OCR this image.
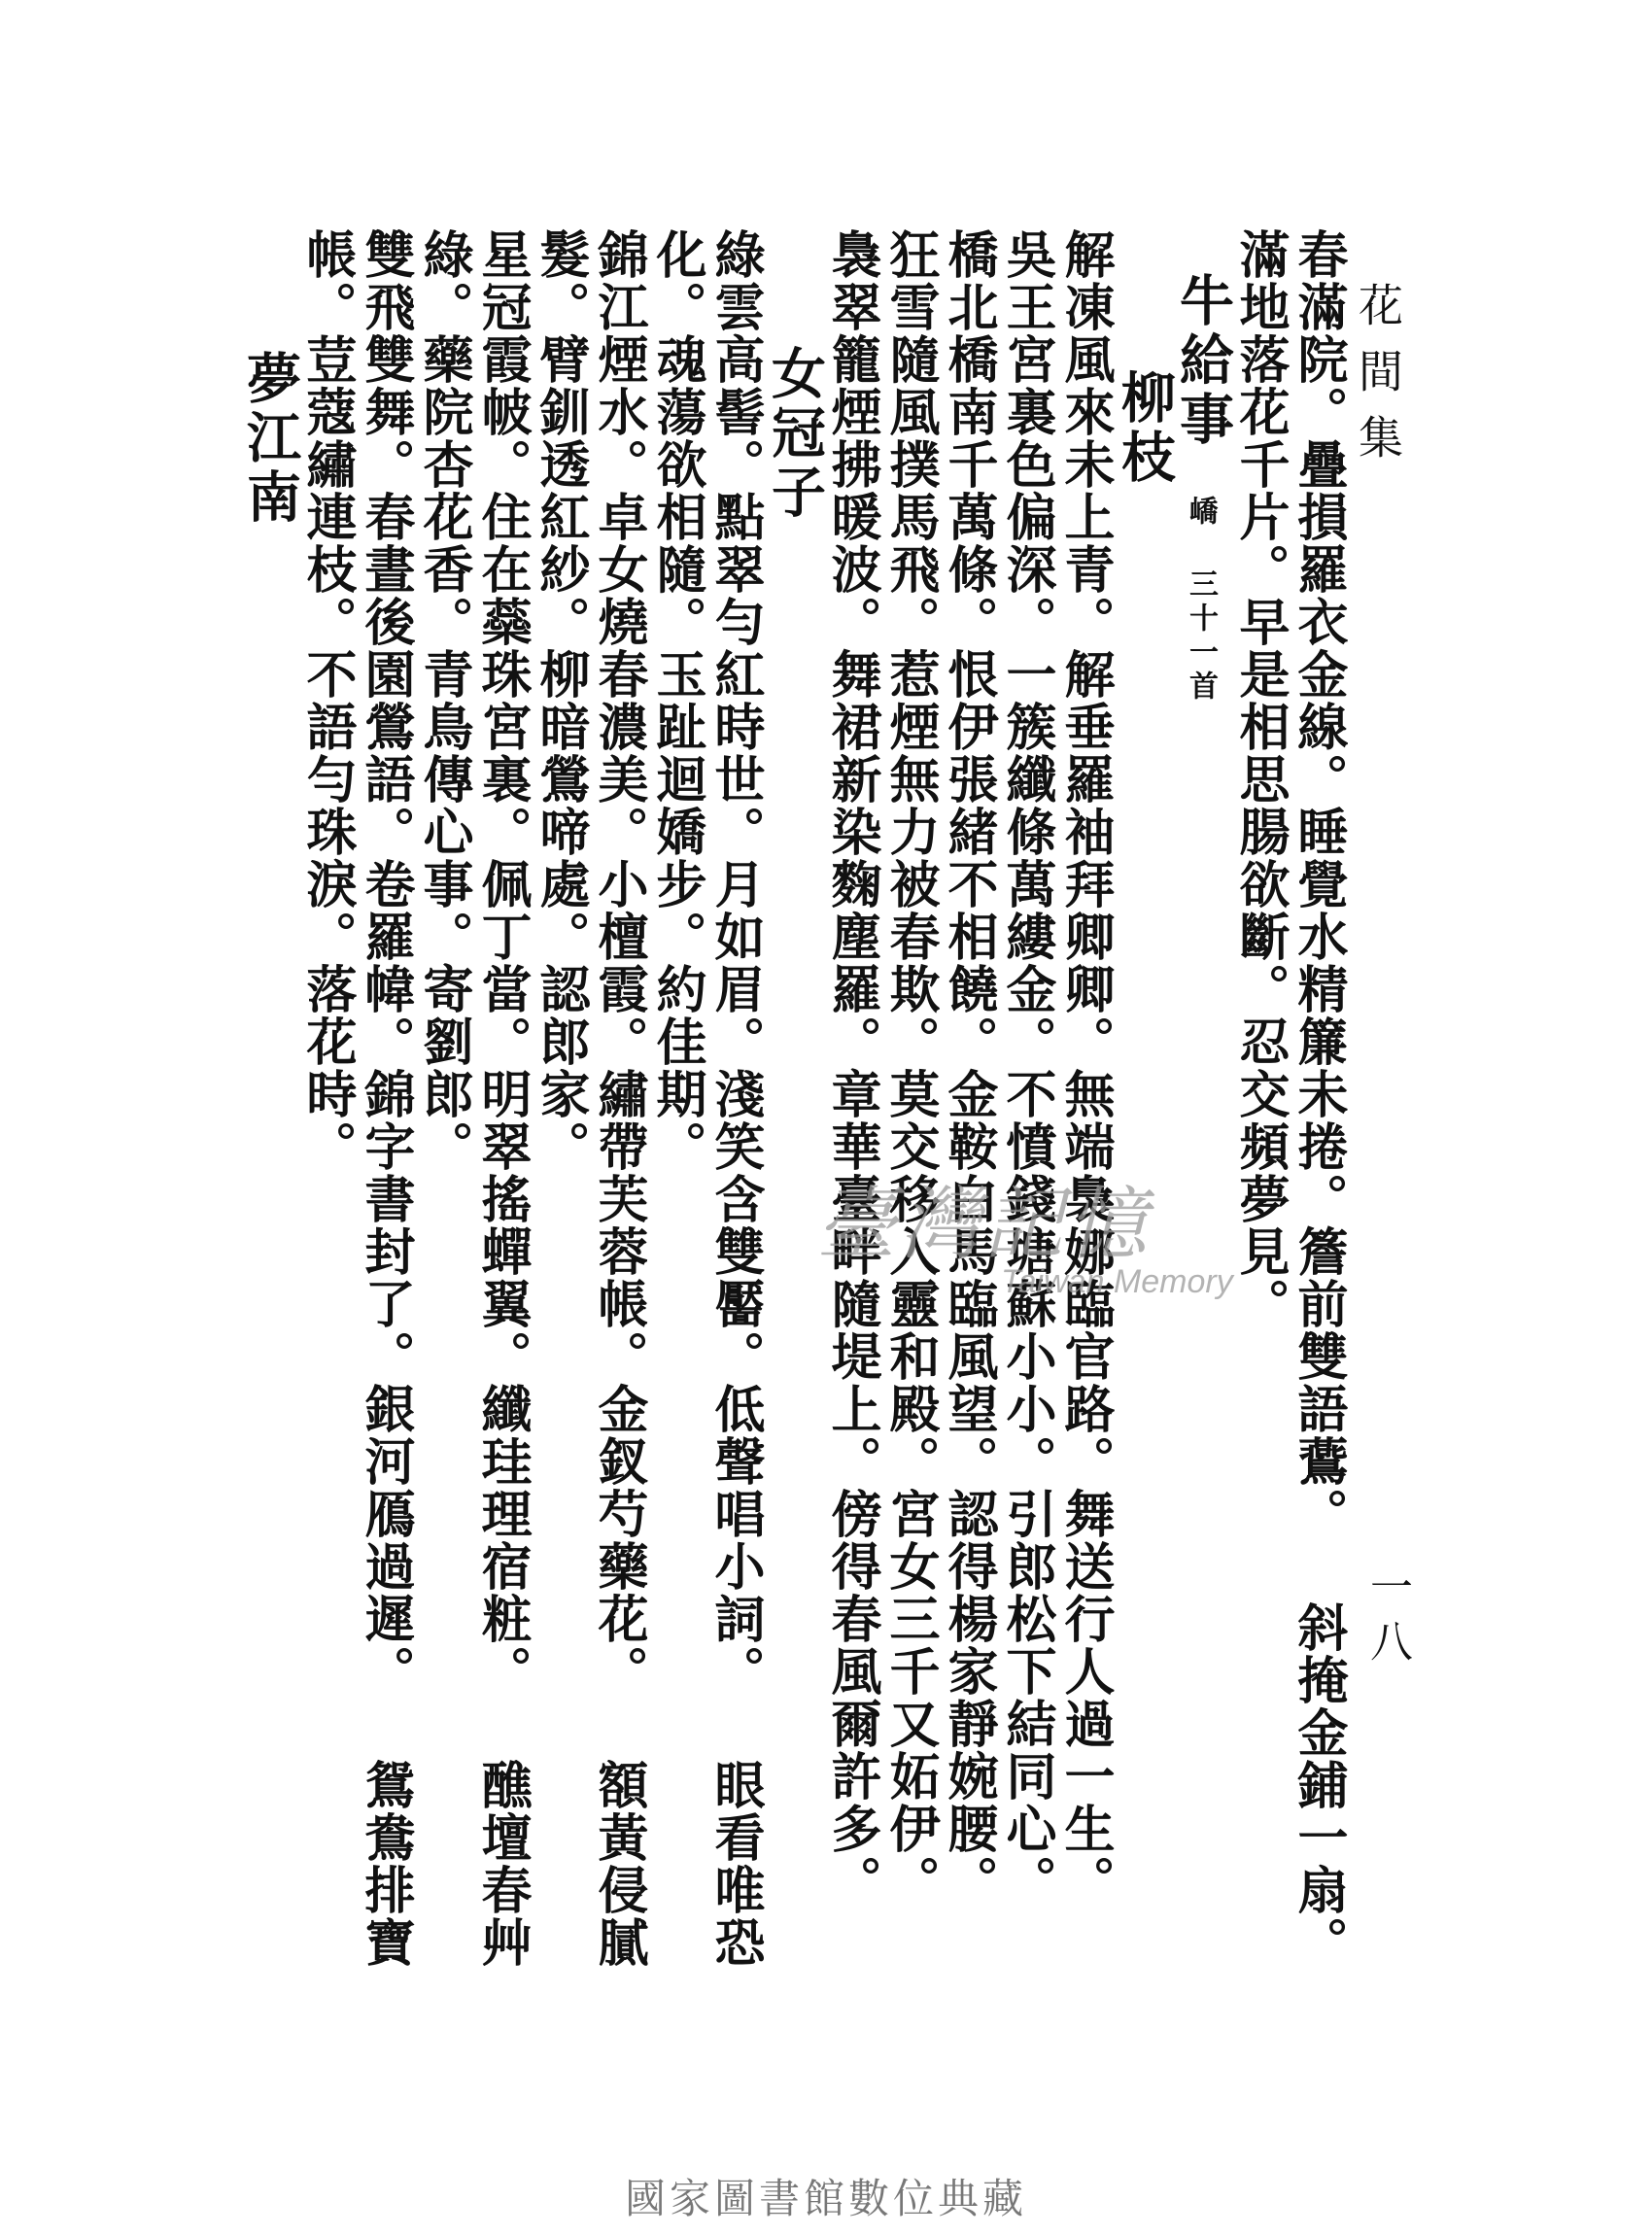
花間集
一八
春滿院。疊損羅衣金線。睡覺水精簾未捲。簷前雙語鷰。 斜掩金鋪一扇。
滿地落花千片。早是相思腸欲斷。忍交頻夢見。
牛給事
嶠 三十一首
柳枝
解凍風來未上青。解垂羅袖拜卿卿。無端裊娜臨官路。舞送行人過一生。
吳王宮裏色偏深。一簇纖條萬縷金。不憤錢塘蘇小小。引郎松下結同心。
橋北橋南千萬條。恨伊張緒不相饒。金鞍白馬臨風望。認得楊家靜婉腰。
狂雪隨風撲馬飛。惹煙無力被春欺。莫交移入靈和殿。宮女三千又妬伊。
裊翠籠煙拂暖波。舞裙新染麴塵羅。章華臺畔隨堤上。傍得春風爾許多。
女冠子
綠雲高髻。點翠勻紅時世。月如眉。淺笑含雙靨。低聲唱小詞。 眼看唯恐
化。魂蕩欲相隨。玉趾迴嬌步。約佳期。
錦江煙水。卓女燒春濃美。小檀霞。繡帶芙蓉帳。金釵芍藥花。 額黃侵膩
髮。臂釧透紅紗。柳暗鶯啼處。認郎家。
星冠霞帔。住在蘂珠宮裏。佩丁當。明翠搖蟬翼。纖珪理宿粧。 醮壇春艸
綠。藥院杏花香。青鳥傳心事。寄劉郎。
雙飛雙舞。春晝後園鶯語。卷羅幃。錦字書封了。銀河鴈過遲。 鴛鴦排寶
帳。荳蔻繡連枝。不語勻珠淚。落花時。
夢江南
臺灣記憶
Taiwan Memory
國家圖書館數位典藏
